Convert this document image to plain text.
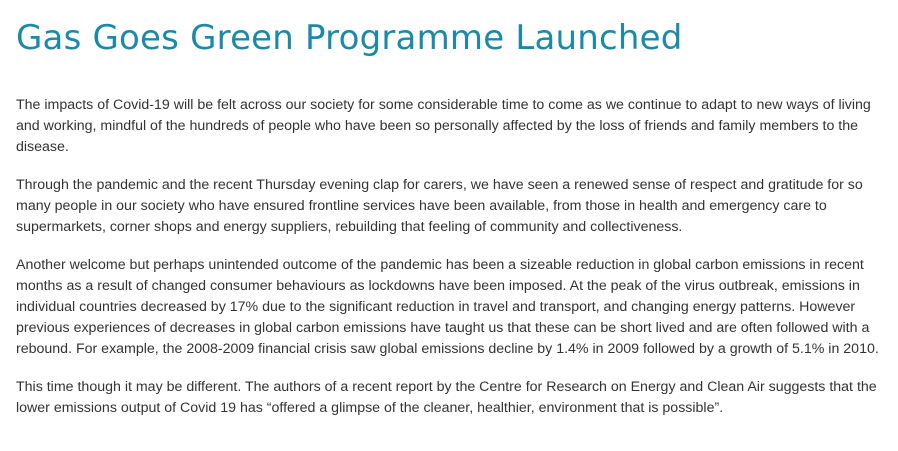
Gas Goes Green Programme Launched

The impacts of Covid-19 will be felt across our society for some considerable time to come as we continue to adapt to new ways of living and working, mindful of the hundreds of people who have been so personally affected by the loss of friends and family members to the disease.

Through the pandemic and the recent Thursday evening clap for carers, we have seen a renewed sense of respect and gratitude for so many people in our society who have ensured frontline services have been available, from those in health and emergency care to supermarkets, corner shops and energy suppliers, rebuilding that feeling of community and collectiveness.

Another welcome but perhaps unintended outcome of the pandemic has been a sizeable reduction in global carbon emissions in recent months as a result of changed consumer behaviours as lockdowns have been imposed. At the peak of the virus outbreak, emissions in individual countries decreased by 17% due to the significant reduction in travel and transport, and changing energy patterns. However previous experiences of decreases in global carbon emissions have taught us that these can be short lived and are often followed with a rebound. For example, the 2008-2009 financial crisis saw global emissions decline by 1.4% in 2009 followed by a growth of 5.1% in 2010.

This time though it may be different. The authors of a recent report by the Centre for Research on Energy and Clean Air suggests that the lower emissions output of Covid 19 has “offered a glimpse of the cleaner, healthier, environment that is possible”.
